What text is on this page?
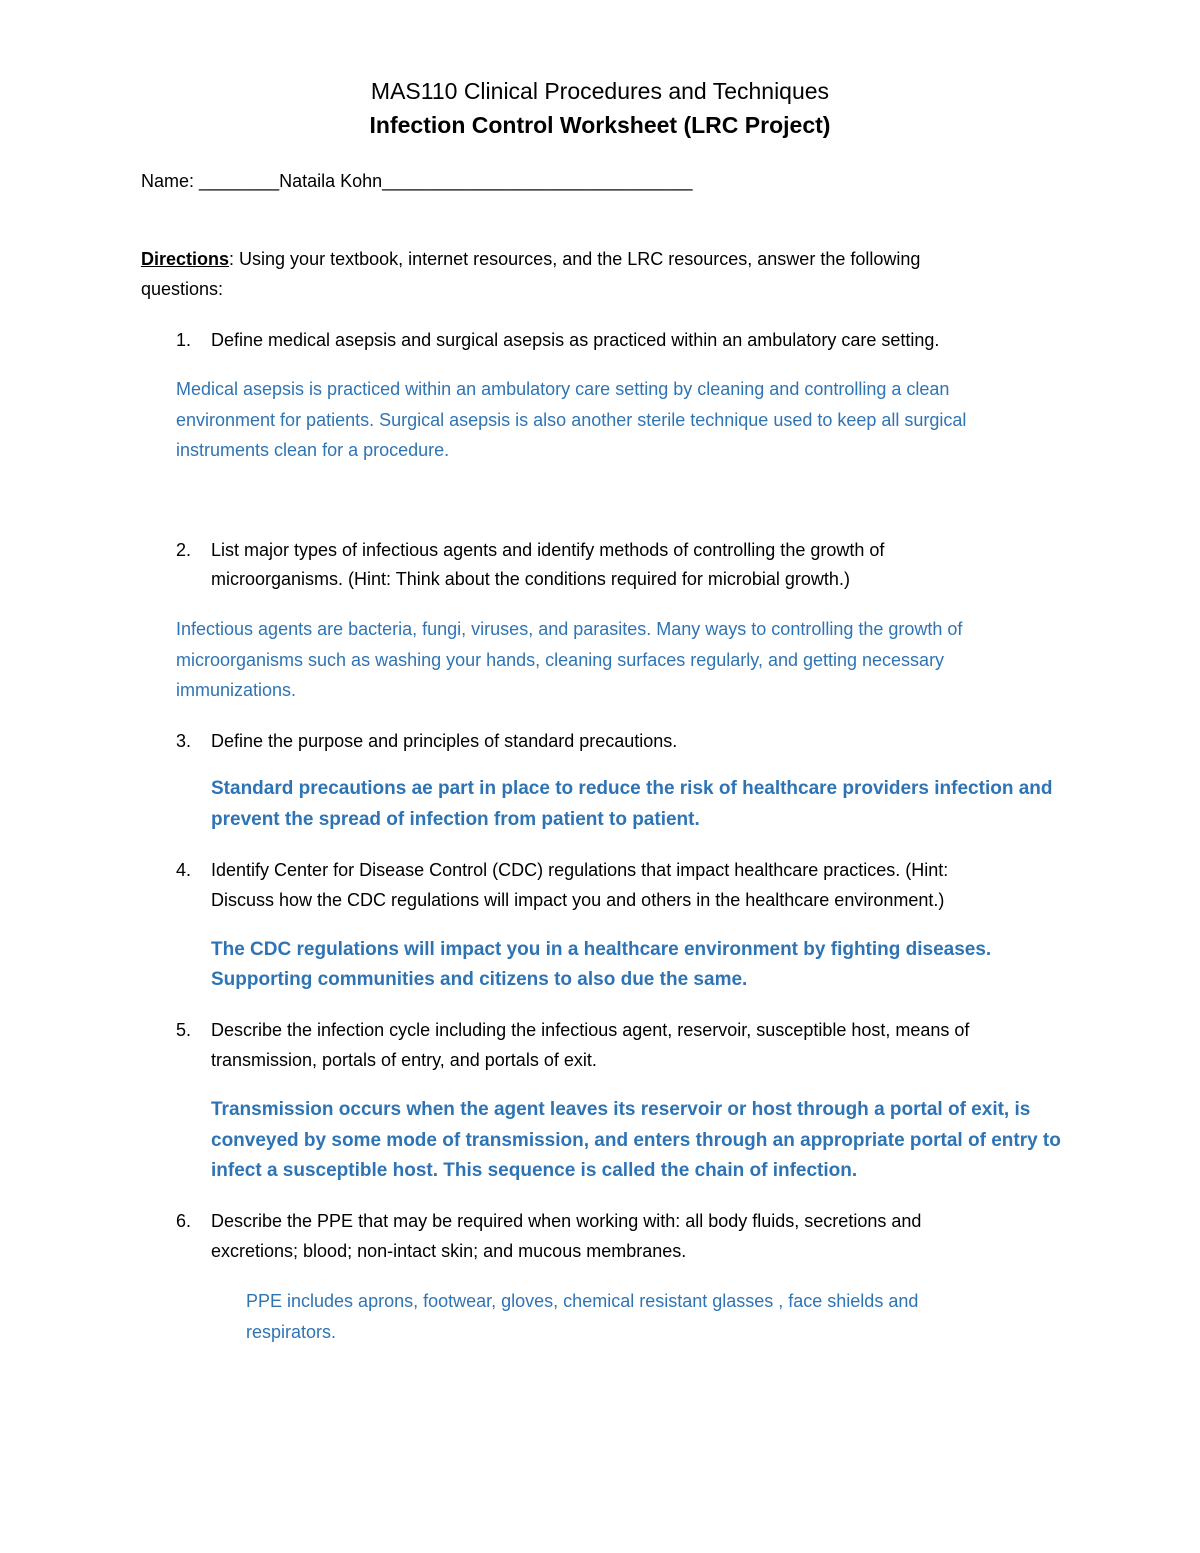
MAS110 Clinical Procedures and Techniques
Infection Control Worksheet (LRC Project)
Name: ________Nataila Kohn_______________________________
Directions: Using your textbook, internet resources, and the LRC resources, answer the following
questions:
1.	Define medical asepsis and surgical asepsis as practiced within an ambulatory care setting.
Medical asepsis is practiced within an ambulatory care setting by cleaning and controlling a clean
environment for patients. Surgical asepsis is also another sterile technique used to keep all surgical
instruments clean for a procedure.
2.	List major types of infectious agents and identify methods of controlling the growth of
microorganisms. (Hint: Think about the conditions required for microbial growth.)
Infectious agents are bacteria, fungi, viruses, and parasites. Many ways to controlling the growth of
microorganisms such as washing your hands, cleaning surfaces regularly, and getting necessary
immunizations.
3.	Define the purpose and principles of standard precautions.
Standard precautions ae part in place to reduce the risk of healthcare providers infection and
prevent the spread of infection from patient to patient.
4.	Identify Center for Disease Control (CDC) regulations that impact healthcare practices. (Hint:
Discuss how the CDC regulations will impact you and others in the healthcare environment.)
The CDC regulations will impact you in a healthcare environment by fighting diseases.
Supporting communities and citizens to also due the same.
5.	Describe the infection cycle including the infectious agent, reservoir, susceptible host, means of
transmission, portals of entry, and portals of exit.
Transmission occurs when the agent leaves its reservoir or host through a portal of exit, is
conveyed by some mode of transmission, and enters through an appropriate portal of entry to
infect a susceptible host. This sequence is called the chain of infection.
6.	Describe the PPE that may be required when working with: all body fluids, secretions and
excretions; blood; non-intact skin; and mucous membranes.
PPE includes aprons, footwear, gloves, chemical resistant glasses , face shields and
respirators.
